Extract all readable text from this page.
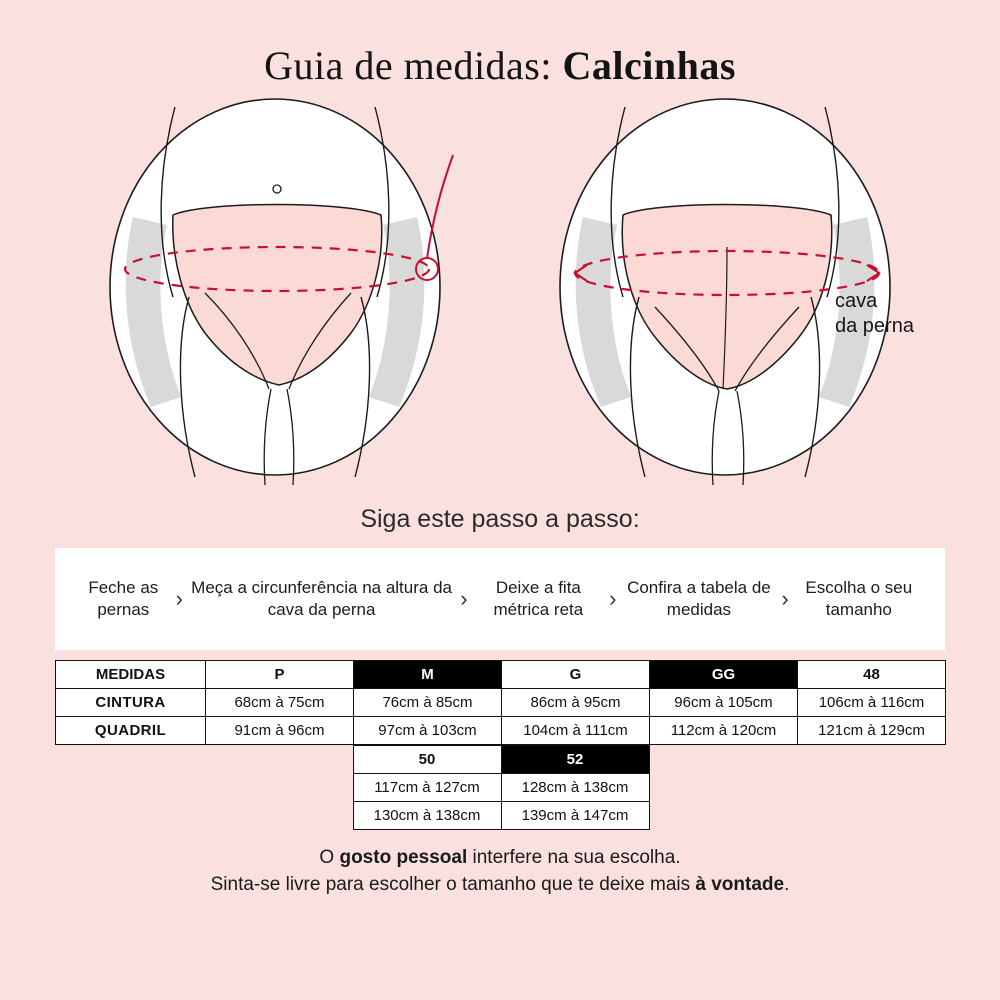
Guia de medidas: Calcinhas
cava
da perna
Siga este passo a passo:
Feche as pernas	› Meça a circunferência na altura da cava da perna	›	Deixe a fita métrica reta	› Confira a tabela de medidas	› Escolha o seu tamanho
MEDIDAS	P	M	G	GG	48
CINTURA	68cm à 75cm	76cm à 85cm	86cm à 95cm	96cm à 105cm	106cm à 116cm
QUADRIL	91cm à 96cm	97cm à 103cm	104cm à 111cm	112cm à 120cm	121cm à 129cm
		50	52		
		117cm à 127cm	128cm à 138cm		
		130cm à 138cm	139cm à 147cm		
O gosto pessoal interfere na sua escolha.
Sinta-se livre para escolher o tamanho que te deixe mais à vontade.
